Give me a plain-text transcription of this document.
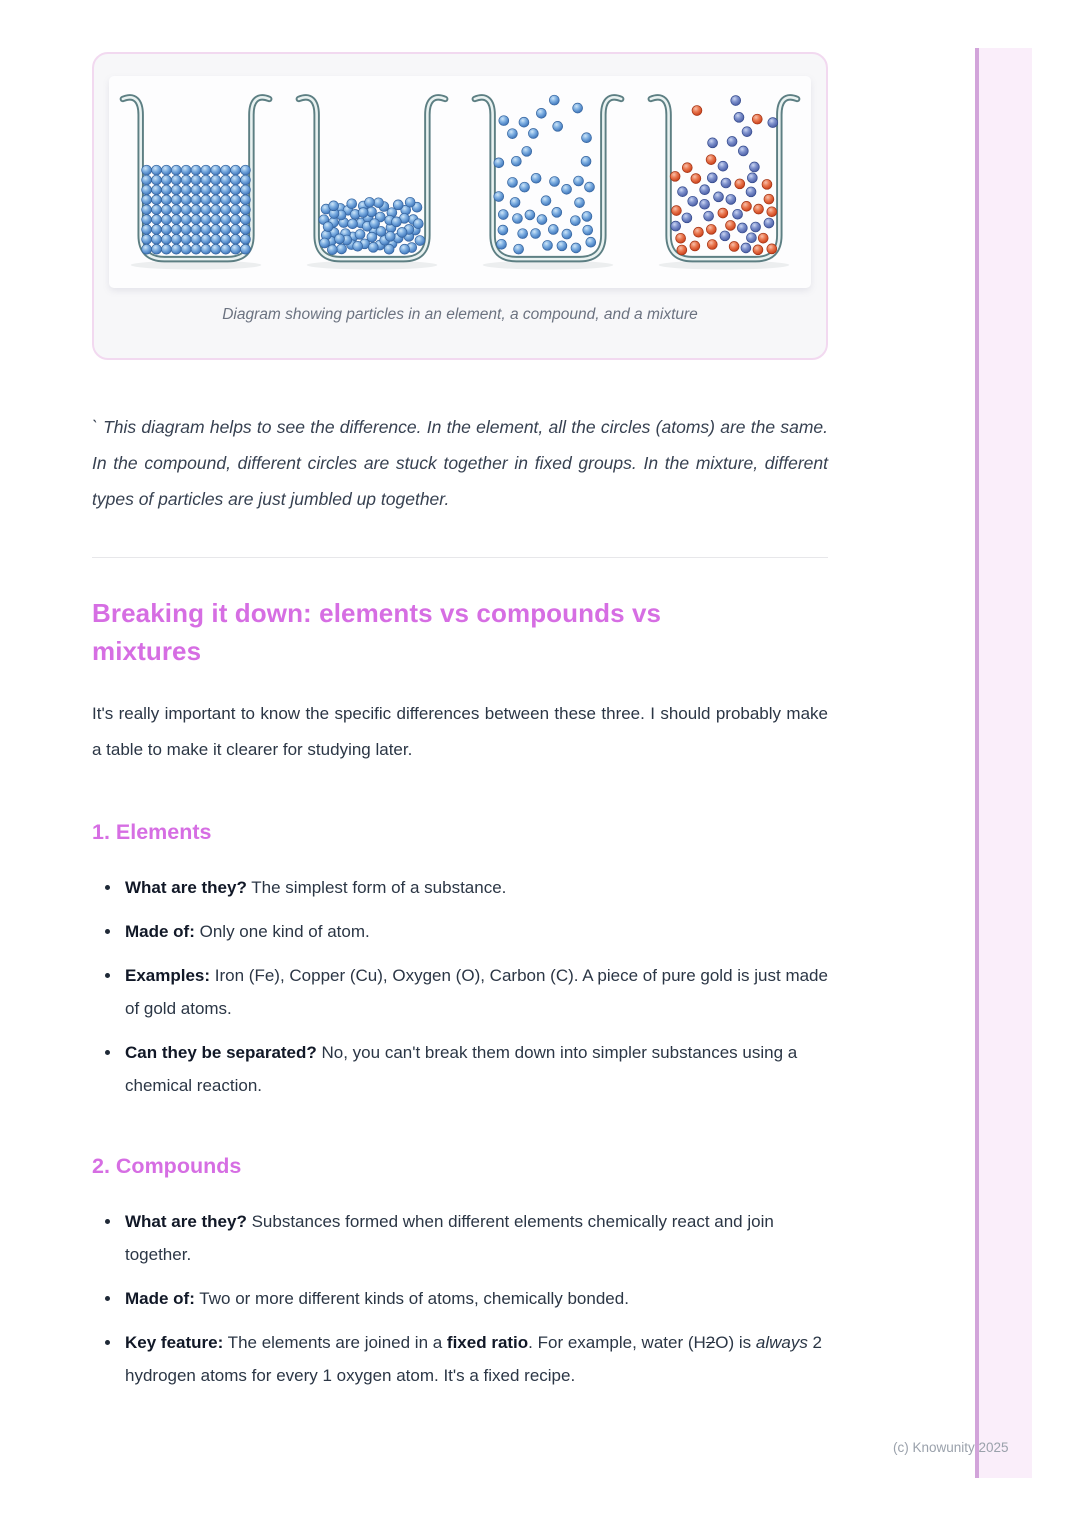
Diagram showing particles in an element, a compound, and a mixture

` This diagram helps to see the difference. In the element, all the circles (atoms) are the same. In the compound, different circles are stuck together in fixed groups. In the mixture, different types of particles are just jumbled up together.

Breaking it down: elements vs compounds vs mixtures

It's really important to know the specific differences between these three. I should probably make a table to make it clearer for studying later.

1. Elements
What are they? The simplest form of a substance.
Made of: Only one kind of atom.
Examples: Iron (Fe), Copper (Cu), Oxygen (O), Carbon (C). A piece of pure gold is just made of gold atoms.
Can they be separated? No, you can't break them down into simpler substances using a chemical reaction.
2. Compounds
What are they? Substances formed when different elements chemically react and join together.
Made of: Two or more different kinds of atoms, chemically bonded.
Key feature: The elements are joined in a fixed ratio. For example, water (H2O) is always 2 hydrogen atoms for every 1 oxygen atom. It's a fixed recipe.
(c) Knowunity 2025
